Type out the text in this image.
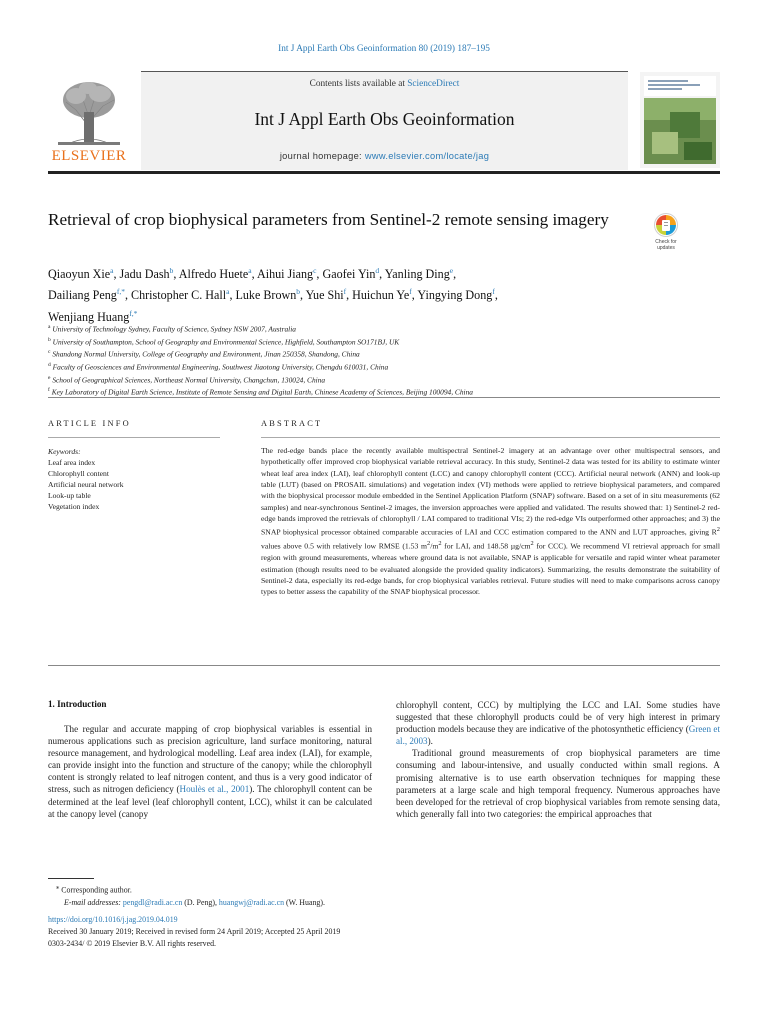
Int J Appl Earth Obs Geoinformation 80 (2019) 187–195
Contents lists available at ScienceDirect
Int J Appl Earth Obs Geoinformation
journal homepage: www.elsevier.com/locate/jag
ELSEVIER
Retrieval of crop biophysical parameters from Sentinel-2 remote sensing imagery
Check for
updates
Qiaoyun Xie$^a$, Jadu Dash$^b$, Alfredo Huete$^a$, Aihui Jiang$^c$, Gaofei Yin$^d$, Yanling Ding$^e$,
Dailiang Peng$^{f,*}$, Christopher C. Hall$^a$, Luke Brown$^b$, Yue Shi$^f$, Huichun Ye$^f$, Yingying Dong$^f$,
Wenjiang Huang$^{f,*}$
$^a$ University of Technology Sydney, Faculty of Science, Sydney NSW 2007, Australia
$^b$ University of Southampton, School of Geography and Environmental Science, Highfield, Southampton SO171BJ, UK
$^c$ Shandong Normal University, College of Geography and Environment, Jinan 250358, Shandong, China
$^d$ Faculty of Geosciences and Environmental Engineering, Southwest Jiaotong University, Chengdu 610031, China
$^e$ School of Geographical Sciences, Northeast Normal University, Changchun, 130024, China
$^f$ Key Laboratory of Digital Earth Science, Institute of Remote Sensing and Digital Earth, Chinese Academy of Sciences, Beijing 100094, China
ARTICLE INFO
Keywords:
Leaf area index
Chlorophyll content
Artificial neural network
Look-up table
Vegetation index
ABSTRACT
The red-edge bands place the recently available multispectral Sentinel-2 imagery at an advantage over other multispectral sensors, and hypothetically offer improved crop biophysical variable retrieval accuracy. In this study, Sentinel-2 data was tested for its ability to estimate winter wheat leaf area index (LAI), leaf chlorophyll content (LCC) and canopy chlorophyll content (CCC). Artificial neural network (ANN) and look-up table (LUT) (based on PROSAIL simulations) and vegetation index (VI) methods were applied to retrieve biophysical parameters, and compared with the biophysical processor module embedded in the Sentinel Application Platform (SNAP) software. Based on a set of in situ measurements (62 samples) and near-synchronous Sentinel-2 images, the inversion approaches were applied and validated. The results showed that: 1) Sentinel-2 red-edge bands improved the retrievals of chlorophyll / LAI compared to traditional VIs; 2) the red-edge VIs outperformed other approaches; and 3) the SNAP biophysical processor obtained comparable accuracies of LAI and CCC estimation compared to the ANN and LUT approaches, giving $R^2$ values above 0.5 with relatively low RMSE (1.53 $m^2/m^2$ for LAI, and 148.58 $\mu g/cm^2$ for CCC). We recommend VI retrieval approach for small region with ground measurements, whereas where ground data is not available, SNAP is applicable for versatile and rapid winter wheat parameter estimation (though results need to be evaluated alongside the provided quality indicators). Summarizing, the results demonstrate the suitability of Sentinel-2 data, especially its red-edge bands, for crop biophysical variables retrieval. Future studies will need to make comparisons across canopy types to better assess the capability of the SNAP biophysical processor.
1. Introduction

The regular and accurate mapping of crop biophysical variables is essential in numerous applications such as precision agriculture, land surface monitoring, natural resource management, and hydrological modelling. Leaf area index (LAI), for example, can provide insight into the function and structure of the canopy; while the chlorophyll content is strongly related to leaf nitrogen content, and thus is a very good indicator of stress, such as nitrogen deficiency (Houlès et al., 2001). The chlorophyll content can be determined at the leaf level (leaf chlorophyll content, LCC), whilst it can be calculated at the canopy level (canopy

chlorophyll content, CCC) by multiplying the LCC and LAI. Some studies have suggested that these chlorophyll products could be of very high interest in primary production models because they are indicative of the photosynthetic efficiency (Green et al., 2003).

Traditional ground measurements of crop biophysical parameters are time consuming and labour-intensive, and usually conducted within small regions. A promising alternative is to use earth observation techniques for mapping these parameters at a large scale and high temporal frequency. Numerous approaches have been developed for the retrieval of crop biophysical variables from remote sensing data, which generally fall into two categories: the empirical approaches that

⁎ Corresponding author.
E-mail addresses: pengdl@radi.ac.cn (D. Peng), huangwj@radi.ac.cn (W. Huang).
https://doi.org/10.1016/j.jag.2019.04.019
Received 30 January 2019; Received in revised form 24 April 2019; Accepted 25 April 2019
0303-2434/ © 2019 Elsevier B.V. All rights reserved.
